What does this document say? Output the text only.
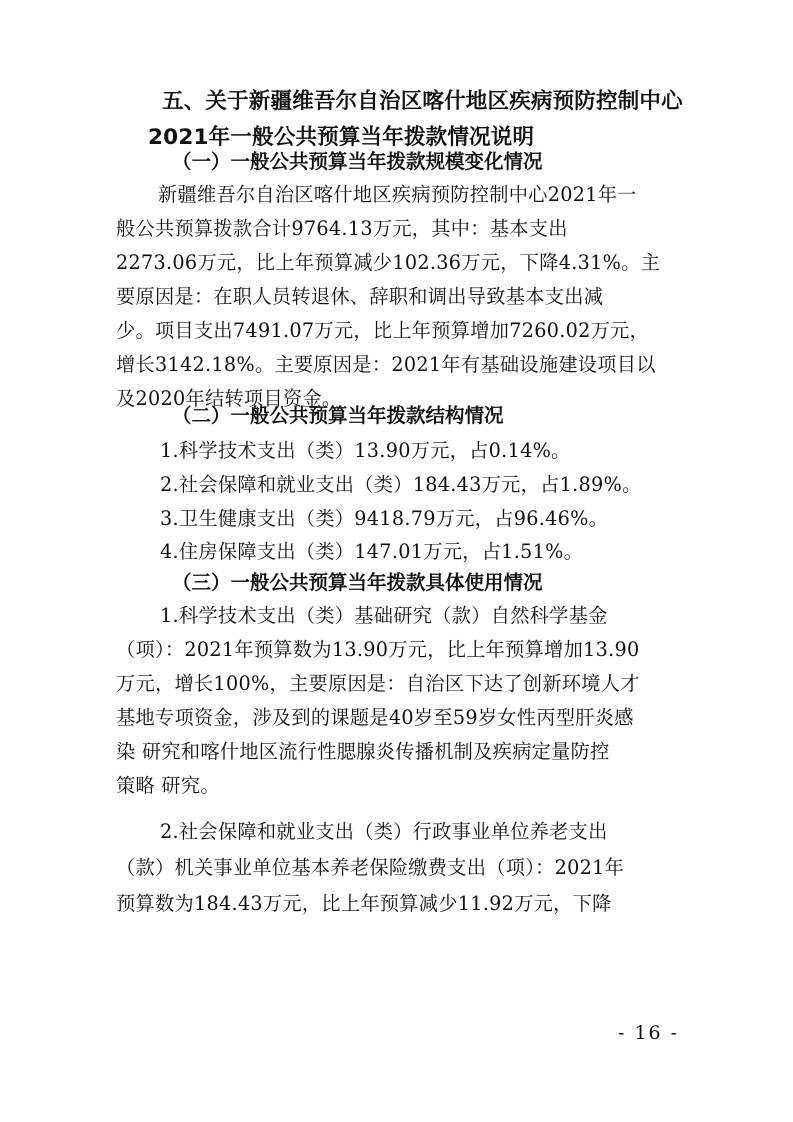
五、关于新疆维吾尔自治区喀什地区疾病预防控制中心
2021年一般公共预算当年拨款情况说明
（一）一般公共预算当年拨款规模变化情况
新疆维吾尔自治区喀什地区疾病预防控制中心2021年一
般公共预算拨款合计9764.13万元，其中：基本支出
2273.06万元，比上年预算减少102.36万元，下降4.31%。主
要原因是：在职人员转退休、辞职和调出导致基本支出减
少。项目支出7491.07万元，比上年预算增加7260.02万元，
增长3142.18%。主要原因是：2021年有基础设施建设项目以
及2020年结转项目资金。
（二）一般公共预算当年拨款结构情况
1.科学技术支出（类）13.90万元，占0.14%。
2.社会保障和就业支出（类）184.43万元，占1.89%。
3.卫生健康支出（类）9418.79万元，占96.46%。
4.住房保障支出（类）147.01万元，占1.51%。
（三）一般公共预算当年拨款具体使用情况
1.科学技术支出（类）基础研究（款）自然科学基金
（项）：2021年预算数为13.90万元，比上年预算增加13.90
万元，增长100%，主要原因是：自治区下达了创新环境人才
基地专项资金，涉及到的课题是40岁至59岁女性丙型肝炎感
染 研究和喀什地区流行性腮腺炎传播机制及疾病定量防控
策略 研究。
2.社会保障和就业支出（类）行政事业单位养老支出
（款）机关事业单位基本养老保险缴费支出（项）：2021年
预算数为184.43万元，比上年预算减少11.92万元，下降
- 16 -
